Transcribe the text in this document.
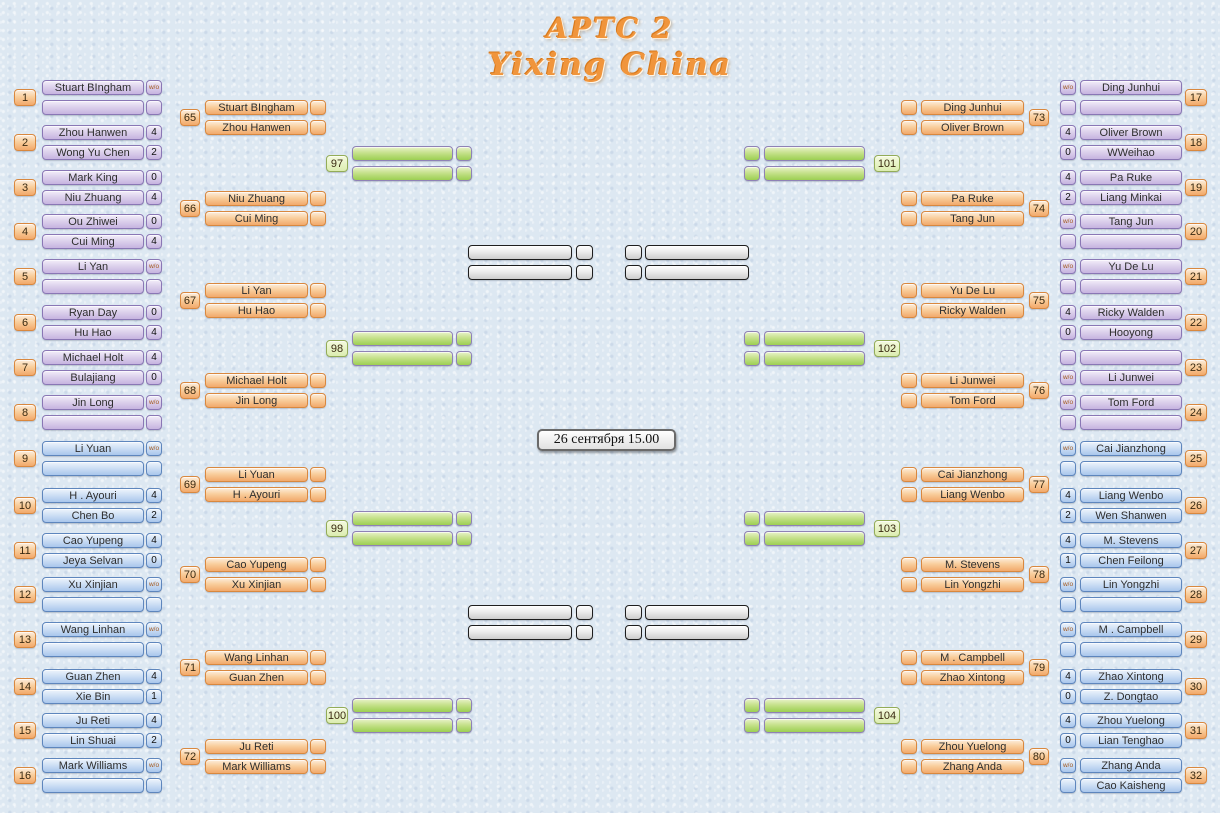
APTC 2
Yixing China
26 сентября 15.00
1
Stuart BIngham	w/o
2
Zhou Hanwen	4
Wong Yu Chen	2
3
Mark King	0
Niu Zhuang	4
4
Ou Zhiwei	0
Cui Ming	4
5
Li Yan	w/o
6
Ryan Day	0
Hu Hao	4
7
Michael Holt	4
Bulajiang	0
8
Jin Long	w/o
9
Li Yuan	w/o
10
H . Ayouri	4
Chen Bo	2
11
Cao Yupeng	4
Jeya Selvan	0
12
Xu Xinjian	w/o
13
Wang Linhan	w/o
14
Guan Zhen	4
Xie Bin	1
15
Ju Reti	4
Lin Shuai	2
16
Mark Williams	w/o
65
Stuart BIngham
Zhou Hanwen
66
Niu Zhuang
Cui Ming
67
Li Yan
Hu Hao
68
Michael Holt
Jin Long
69
Li Yuan
H . Ayouri
70
Cao Yupeng
Xu Xinjian
71
Wang Linhan
Guan Zhen
72
Ju Reti
Mark Williams
97
98
99
100
101
102
103
104
Ding Junhui
Oliver Brown
73
Pa Ruke
Tang Jun
74
Yu De Lu
Ricky Walden
75
Li Junwei
Tom Ford
76
Cai Jianzhong
Liang Wenbo
77
M. Stevens
Lin Yongzhi
78
M . Campbell
Zhao Xintong
79
Zhou Yuelong
Zhang Anda
80
w/o	Ding Junhui
17
4	Oliver Brown
0	WWeihao
18
4	Pa Ruke
2	Liang Minkai
19
w/o	Tang Jun
20
w/o	Yu De Lu
21
4	Ricky Walden
0	Hooyong
22
w/o	Li Junwei
23
w/o	Tom Ford
24
w/o	Cai Jianzhong
25
4	Liang Wenbo
2	Wen Shanwen
26
4	M. Stevens
1	Chen Feilong
27
w/o	Lin Yongzhi
28
w/o	M . Campbell
29
4	Zhao Xintong
0	Z. Dongtao
30
4	Zhou Yuelong
0	Lian Tenghao
31
w/o	Zhang Anda
Cao Kaisheng
32
